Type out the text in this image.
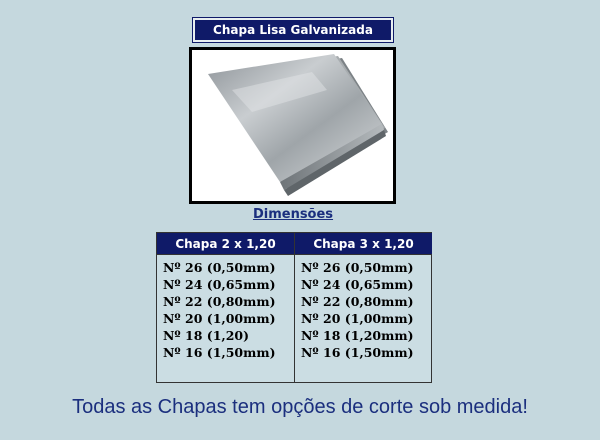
Chapa Lisa Galvanizada
Dimensões
Chapa 2 x 1,20
Nº 26 (0,50mm)
Nº 24 (0,65mm)
Nº 22 (0,80mm)
Nº 20 (1,00mm)
Nº 18 (1,20)
Nº 16 (1,50mm)
Chapa 3 x 1,20
Nº 26 (0,50mm)
Nº 24 (0,65mm)
Nº 22 (0,80mm)
Nº 20 (1,00mm)
Nº 18 (1,20mm)
Nº 16 (1,50mm)
Todas as Chapas tem opções de corte sob medida!
